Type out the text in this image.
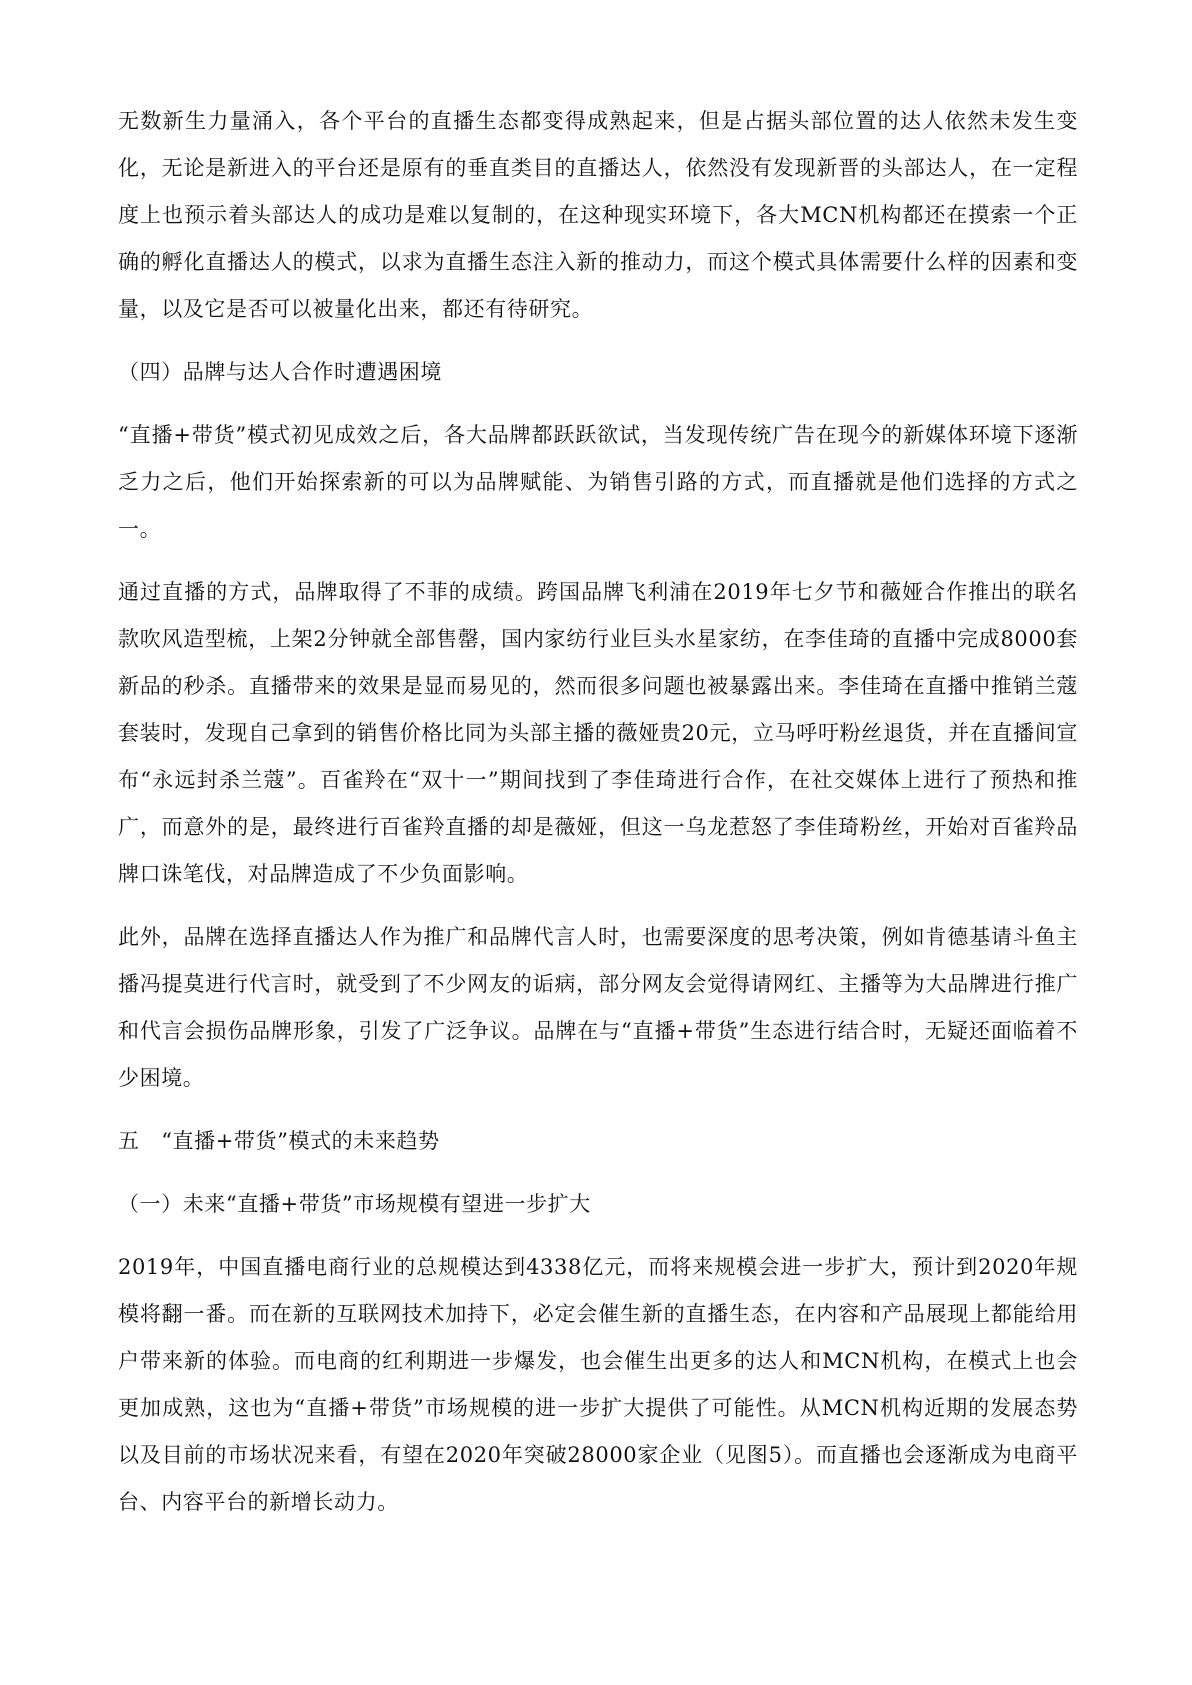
无数新生力量涌入，各个平台的直播生态都变得成熟起来，但是占据头部位置的达人依然未发生变化，无论是新进入的平台还是原有的垂直类目的直播达人，依然没有发现新晋的头部达人，在一定程度上也预示着头部达人的成功是难以复制的，在这种现实环境下，各大MCN机构都还在摸索一个正确的孵化直播达人的模式，以求为直播生态注入新的推动力，而这个模式具体需要什么样的因素和变量，以及它是否可以被量化出来，都还有待研究。

（四）品牌与达人合作时遭遇困境

“直播+带货”模式初见成效之后，各大品牌都跃跃欲试，当发现传统广告在现今的新媒体环境下逐渐乏力之后，他们开始探索新的可以为品牌赋能、为销售引路的方式，而直播就是他们选择的方式之一。

通过直播的方式，品牌取得了不菲的成绩。跨国品牌飞利浦在2019年七夕节和薇娅合作推出的联名款吹风造型梳，上架2分钟就全部售罄，国内家纺行业巨头水星家纺，在李佳琦的直播中完成8000套新品的秒杀。直播带来的效果是显而易见的，然而很多问题也被暴露出来。李佳琦在直播中推销兰蔻套装时，发现自己拿到的销售价格比同为头部主播的薇娅贵20元，立马呼吁粉丝退货，并在直播间宣布“永远封杀兰蔻”。百雀羚在“双十一”期间找到了李佳琦进行合作，在社交媒体上进行了预热和推广，而意外的是，最终进行百雀羚直播的却是薇娅，但这一乌龙惹怒了李佳琦粉丝，开始对百雀羚品牌口诛笔伐，对品牌造成了不少负面影响。

此外，品牌在选择直播达人作为推广和品牌代言人时，也需要深度的思考决策，例如肯德基请斗鱼主播冯提莫进行代言时，就受到了不少网友的诟病，部分网友会觉得请网红、主播等为大品牌进行推广和代言会损伤品牌形象，引发了广泛争议。品牌在与“直播+带货”生态进行结合时，无疑还面临着不少困境。

五　“直播+带货”模式的未来趋势

（一）未来“直播+带货”市场规模有望进一步扩大

2019年，中国直播电商行业的总规模达到4338亿元，而将来规模会进一步扩大，预计到2020年规模将翻一番。而在新的互联网技术加持下，必定会催生新的直播生态，在内容和产品展现上都能给用户带来新的体验。而电商的红利期进一步爆发，也会催生出更多的达人和MCN机构，在模式上也会更加成熟，这也为“直播+带货”市场规模的进一步扩大提供了可能性。从MCN机构近期的发展态势以及目前的市场状况来看，有望在2020年突破28000家企业（见图5）。而直播也会逐渐成为电商平台、内容平台的新增长动力。
